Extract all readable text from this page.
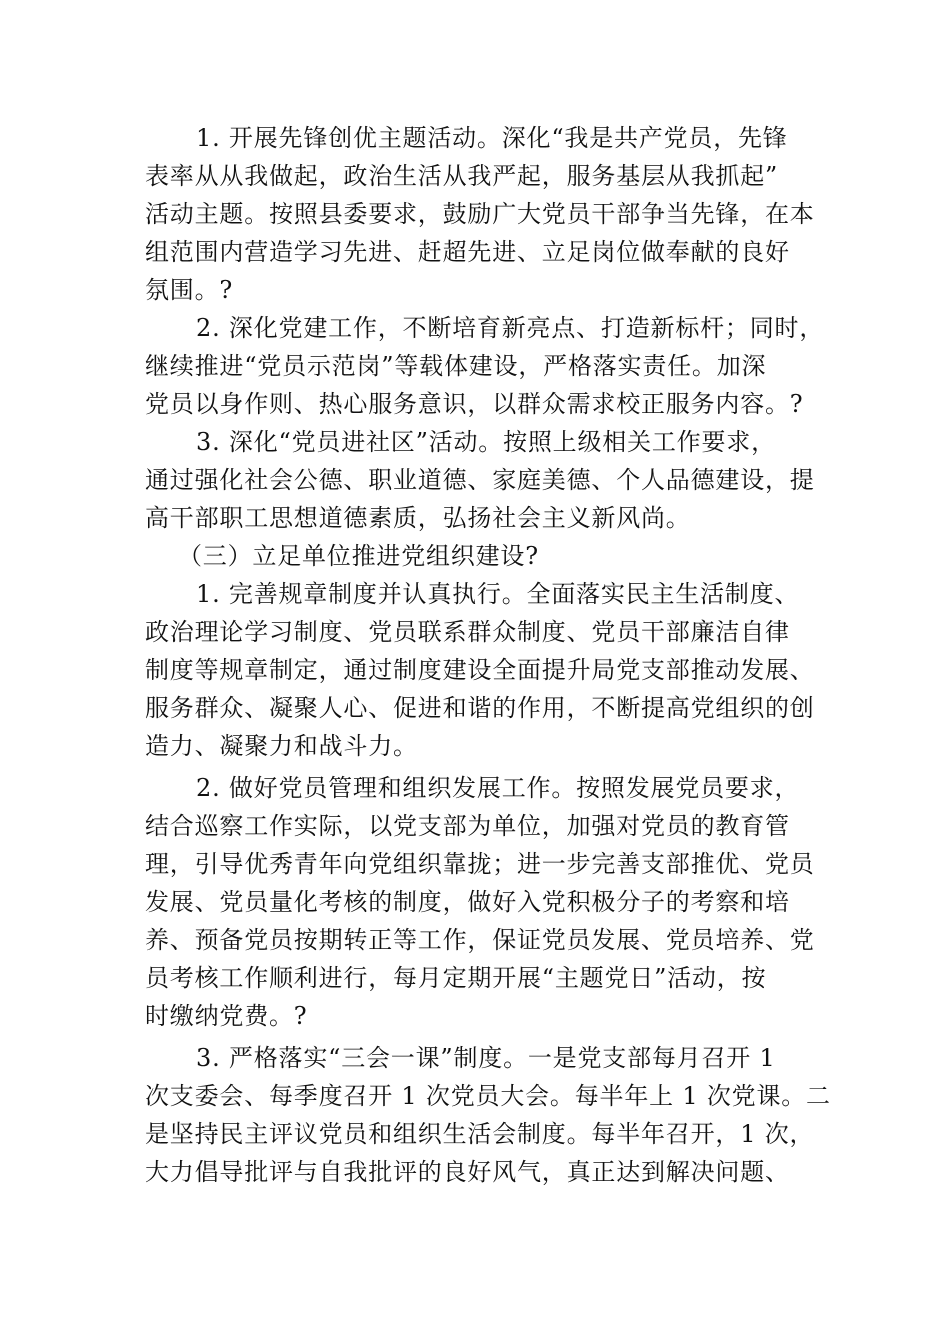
1. 开展先锋创优主题活动。深化“我是共产党员，先锋
表率从从我做起，政治生活从我严起，服务基层从我抓起”
活动主题。按照县委要求，鼓励广大党员干部争当先锋，在本
组范围内营造学习先进、赶超先进、立足岗位做奉献的良好
氛围。?
2. 深化党建工作，不断培育新亮点、打造新标杆；同时，
继续推进“党员示范岗”等载体建设，严格落实责任。加深
党员以身作则、热心服务意识，以群众需求校正服务内容。?
3. 深化“党员进社区”活动。按照上级相关工作要求，
通过强化社会公德、职业道德、家庭美德、个人品德建设，提
高干部职工思想道德素质，弘扬社会主义新风尚。
（三）立足单位推进党组织建设?
1. 完善规章制度并认真执行。全面落实民主生活制度、
政治理论学习制度、党员联系群众制度、党员干部廉洁自律
制度等规章制定，通过制度建设全面提升局党支部推动发展、
服务群众、凝聚人心、促进和谐的作用，不断提高党组织的创
造力、凝聚力和战斗力。
2. 做好党员管理和组织发展工作。按照发展党员要求，
结合巡察工作实际，以党支部为单位，加强对党员的教育管
理，引导优秀青年向党组织靠拢；进一步完善支部推优、党员
发展、党员量化考核的制度，做好入党积极分子的考察和培
养、预备党员按期转正等工作，保证党员发展、党员培养、党
员考核工作顺利进行，每月定期开展“主题党日”活动，按
时缴纳党费。?
3. 严格落实“三会一课”制度。一是党支部每月召开 1
次支委会、每季度召开 1 次党员大会。每半年上 1 次党课。二
是坚持民主评议党员和组织生活会制度。每半年召开，1 次，
大力倡导批评与自我批评的良好风气，真正达到解决问题、
